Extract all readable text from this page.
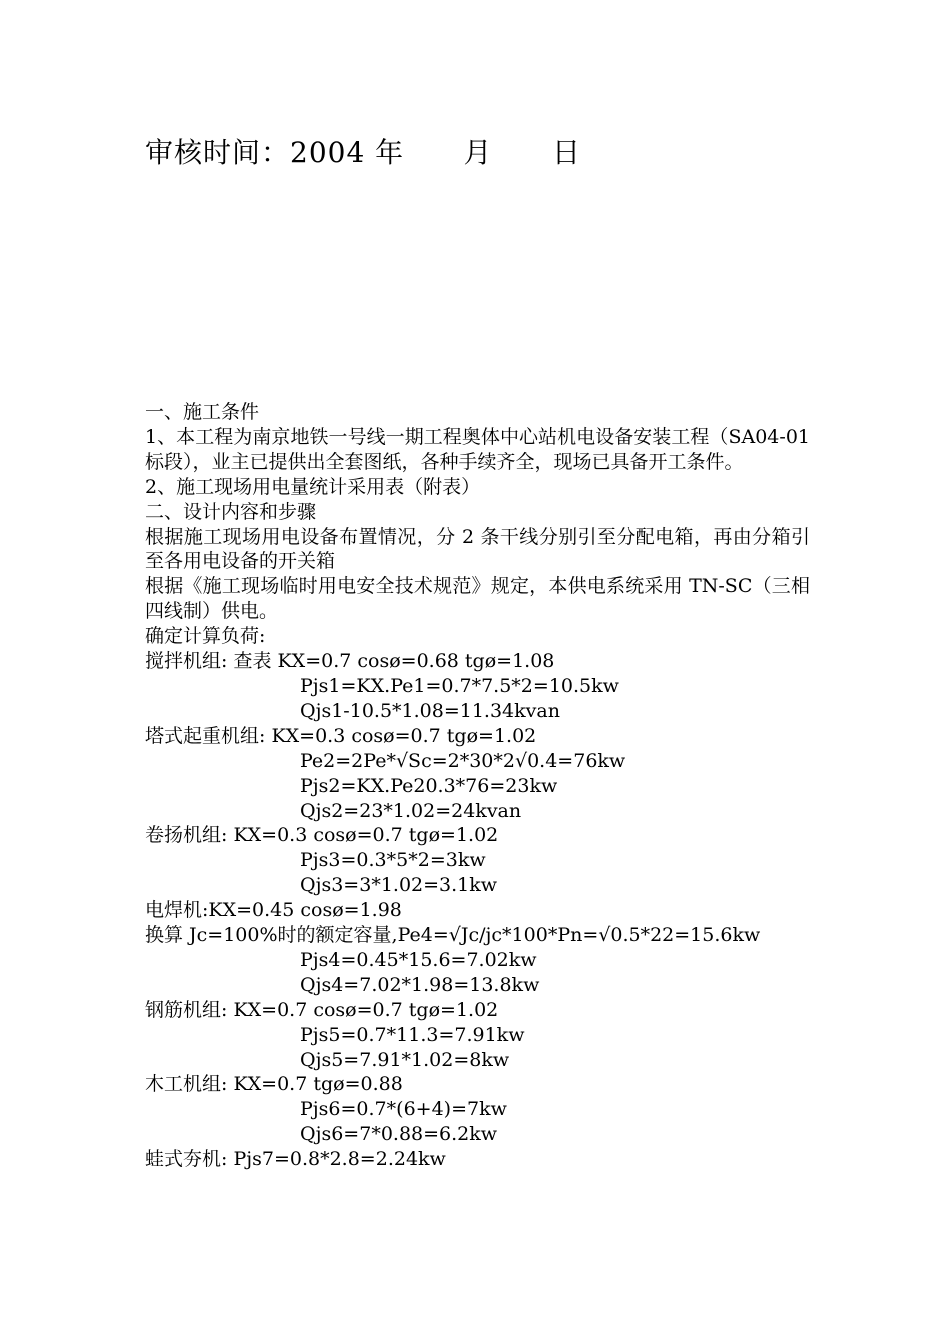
审核时间：2004 年      月      日

一、施工条件

1、本工程为南京地铁一号线一期工程奥体中心站机电设备安装工程（SA04-01 标段），业主已提供出全套图纸，各种手续齐全，现场已具备开工条件。

2、施工现场用电量统计采用表（附表）

二、设计内容和步骤

根据施工现场用电设备布置情况，分 2 条干线分别引至分配电箱，再由分箱引至各用电设备的开关箱

根据《施工现场临时用电安全技术规范》规定，本供电系统采用 TN-SC（三相四线制）供电。

确定计算负荷:

搅拌机组: 查表 KX=0.7 cosø=0.68 tgø=1.08

Pjs1=KX.Pe1=0.7*7.5*2=10.5kw

Qjs1-10.5*1.08=11.34kvan

塔式起重机组: KX=0.3 cosø=0.7 tgø=1.02

Pe2=2Pe*√Sc=2*30*2√0.4=76kw

Pjs2=KX.Pe20.3*76=23kw

Qjs2=23*1.02=24kvan

卷扬机组: KX=0.3 cosø=0.7 tgø=1.02

Pjs3=0.3*5*2=3kw

Qjs3=3*1.02=3.1kw

电焊机:KX=0.45 cosø=1.98

换算 Jc=100%时的额定容量,Pe4=√Jc/jc*100*Pn=√0.5*22=15.6kw

Pjs4=0.45*15.6=7.02kw

Qjs4=7.02*1.98=13.8kw

钢筋机组: KX=0.7 cosø=0.7 tgø=1.02

Pjs5=0.7*11.3=7.91kw

Qjs5=7.91*1.02=8kw

木工机组: KX=0.7 tgø=0.88

Pjs6=0.7*(6+4)=7kw

Qjs6=7*0.88=6.2kw

蛙式夯机: Pjs7=0.8*2.8=2.24kw
